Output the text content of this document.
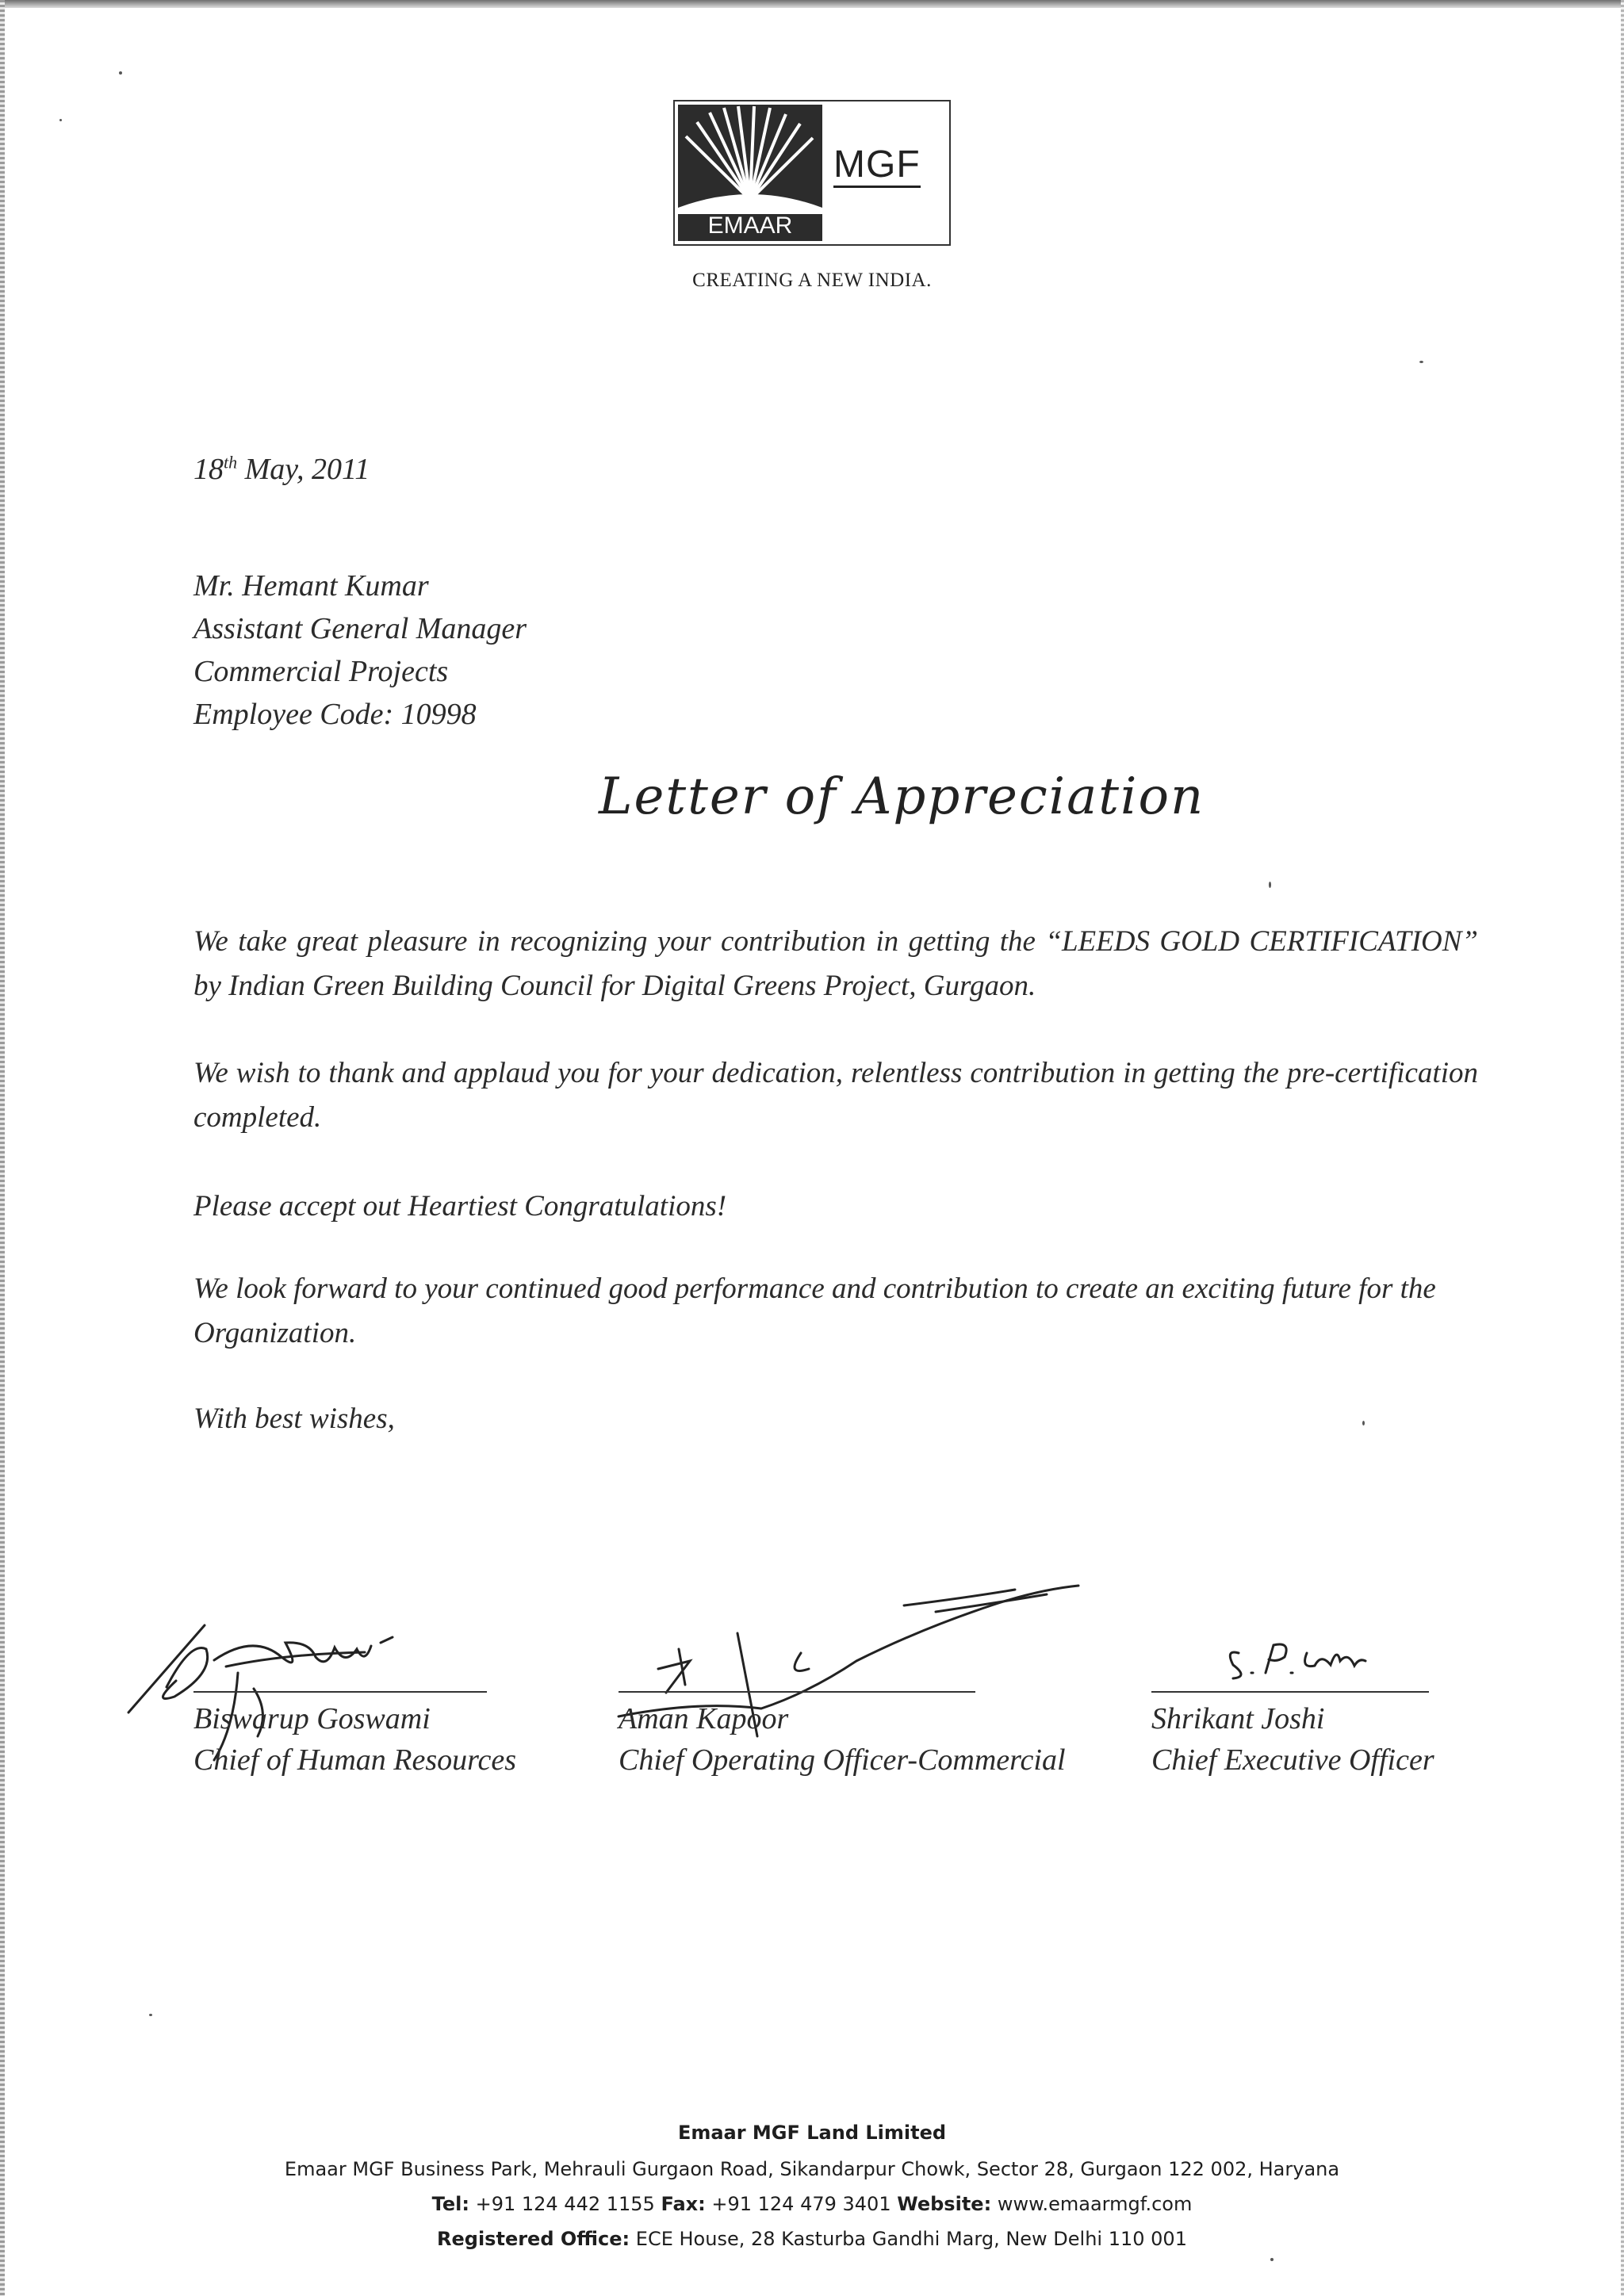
EMAAR
MGF
CREATING A NEW INDIA.
18th May, 2011
Mr. Hemant Kumar
Assistant General Manager
Commercial Projects
Employee Code: 10998
Letter of Appreciation

We take great pleasure in recognizing your contribution in getting the “LEEDS GOLD CERTIFICATION” by Indian Green Building Council for Digital Greens Project, Gurgaon.

We wish to thank and applaud you for your dedication, relentless contribution in getting the pre-certification completed.

Please accept out Heartiest Congratulations!

We look forward to your continued good performance and contribution to create an exciting future for the Organization.

With best wishes,

Biswarup Goswami
Chief of Human Resources
Aman Kapoor
Chief Operating Officer-Commercial
Shrikant Joshi
Chief Executive Officer
Emaar MGF Land Limited
Emaar MGF Business Park, Mehrauli Gurgaon Road, Sikandarpur Chowk, Sector 28, Gurgaon 122 002, Haryana
Tel: +91 124 442 1155 Fax: +91 124 479 3401 Website: www.emaarmgf.com
Registered Office: ECE House, 28 Kasturba Gandhi Marg, New Delhi 110 001
